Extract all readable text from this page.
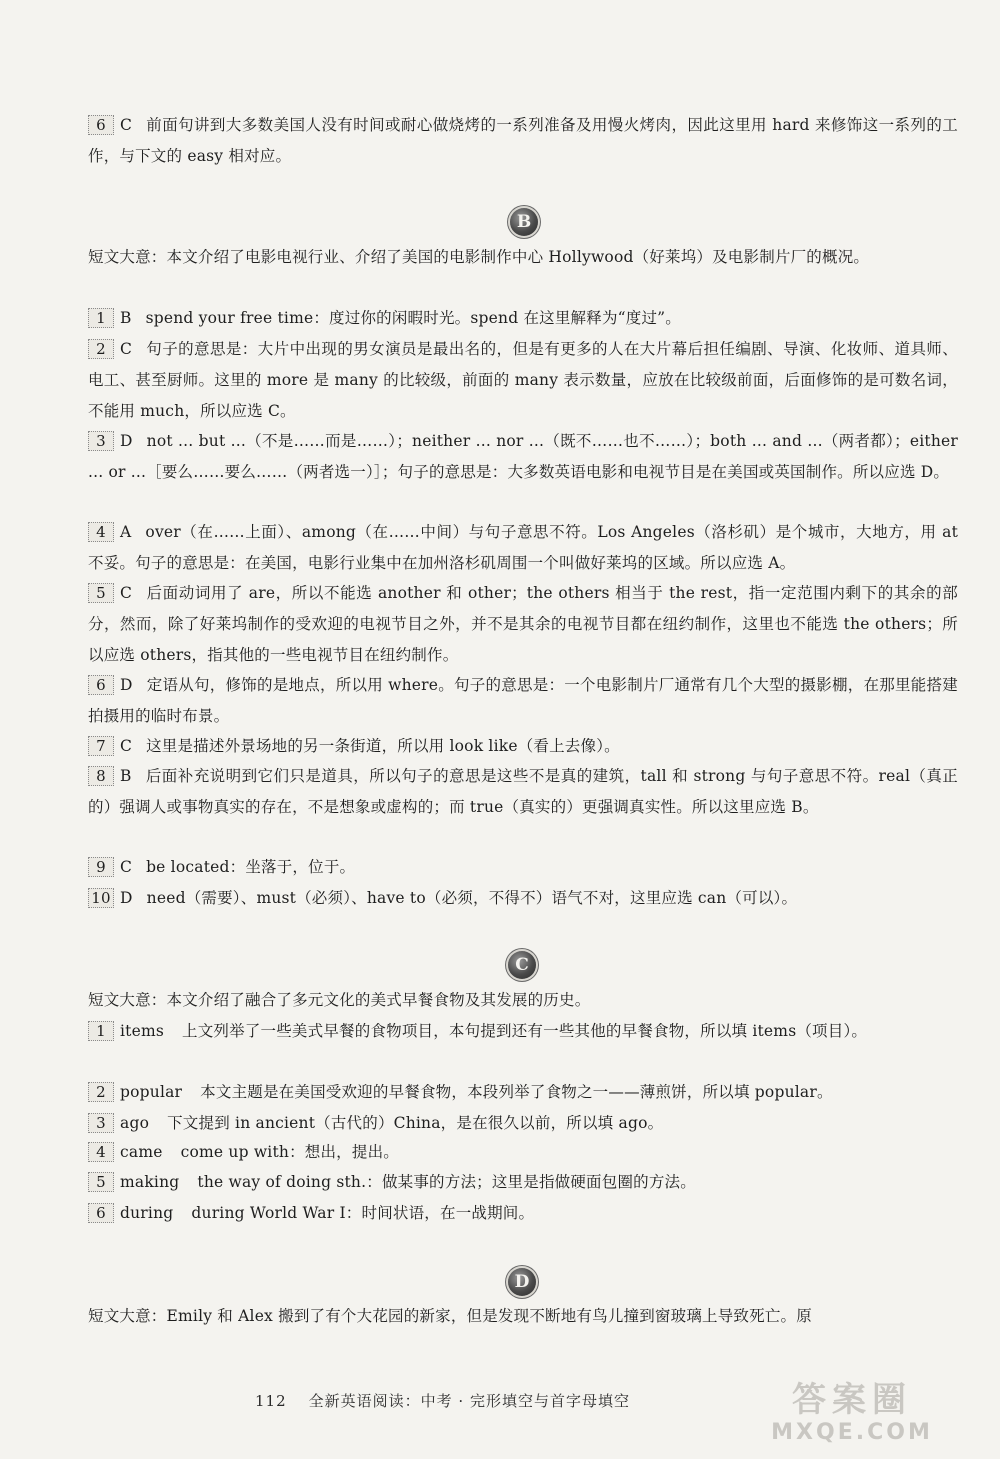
6 C 前面句讲到大多数美国人没有时间或耐心做烧烤的一系列准备及用慢火烤肉，因此这里用 hard 来修饰这一系列的工作，与下文的 easy 相对应。
B
短文大意：本文介绍了电影电视行业、介绍了美国的电影制作中心 Hollywood（好莱坞）及电影制片厂的概况。
1 B spend your free time：度过你的闲暇时光。spend 在这里解释为“度过”。
2 C 句子的意思是：大片中出现的男女演员是最出名的，但是有更多的人在大片幕后担任编剧、导演、化妆师、道具师、电工、甚至厨师。这里的 more 是 many 的比较级，前面的 many 表示数量，应放在比较级前面，后面修饰的是可数名词，不能用 much，所以应选 C。
3 D not ... but ...（不是……而是……）；neither ... nor ...（既不……也不……）；both ... and ...（两者都）；either ... or ...［要么……要么……（两者选一）］；句子的意思是：大多数英语电影和电视节目是在美国或英国制作。所以应选 D。
4 A over（在……上面）、among（在……中间）与句子意思不符。Los Angeles（洛杉矶）是个城市，大地方，用 at 不妥。句子的意思是：在美国，电影行业集中在加州洛杉矶周围一个叫做好莱坞的区域。所以应选 A。
5 C 后面动词用了 are，所以不能选 another 和 other；the others 相当于 the rest，指一定范围内剩下的其余的部分，然而，除了好莱坞制作的受欢迎的电视节目之外，并不是其余的电视节目都在纽约制作，这里也不能选 the others；所以应选 others，指其他的一些电视节目在纽约制作。
6 D 定语从句，修饰的是地点，所以用 where。句子的意思是：一个电影制片厂通常有几个大型的摄影棚，在那里能搭建拍摄用的临时布景。
7 C 这里是描述外景场地的另一条街道，所以用 look like（看上去像）。
8 B 后面补充说明到它们只是道具，所以句子的意思是这些不是真的建筑，tall 和 strong 与句子意思不符。real（真正的）强调人或事物真实的存在，不是想象或虚构的；而 true（真实的）更强调真实性。所以这里应选 B。
9 C be located：坐落于，位于。
10 D need（需要）、must（必须）、have to（必须，不得不）语气不对，这里应选 can（可以）。
C
短文大意：本文介绍了融合了多元文化的美式早餐食物及其发展的历史。
1 items 上文列举了一些美式早餐的食物项目，本句提到还有一些其他的早餐食物，所以填 items（项目）。
2 popular 本文主题是在美国受欢迎的早餐食物，本段列举了食物之一——薄煎饼，所以填 popular。
3 ago 下文提到 in ancient（古代的）China，是在很久以前，所以填 ago。
4 came come up with：想出，提出。
5 making the way of doing sth.：做某事的方法；这里是指做硬面包圈的方法。
6 during during World War I：时间状语，在一战期间。
D
短文大意：Emily 和 Alex 搬到了有个大花园的新家，但是发现不断地有鸟儿撞到窗玻璃上导致死亡。原
112 全新英语阅读：中考 · 完形填空与首字母填空	答案圈
MXQE.COM
